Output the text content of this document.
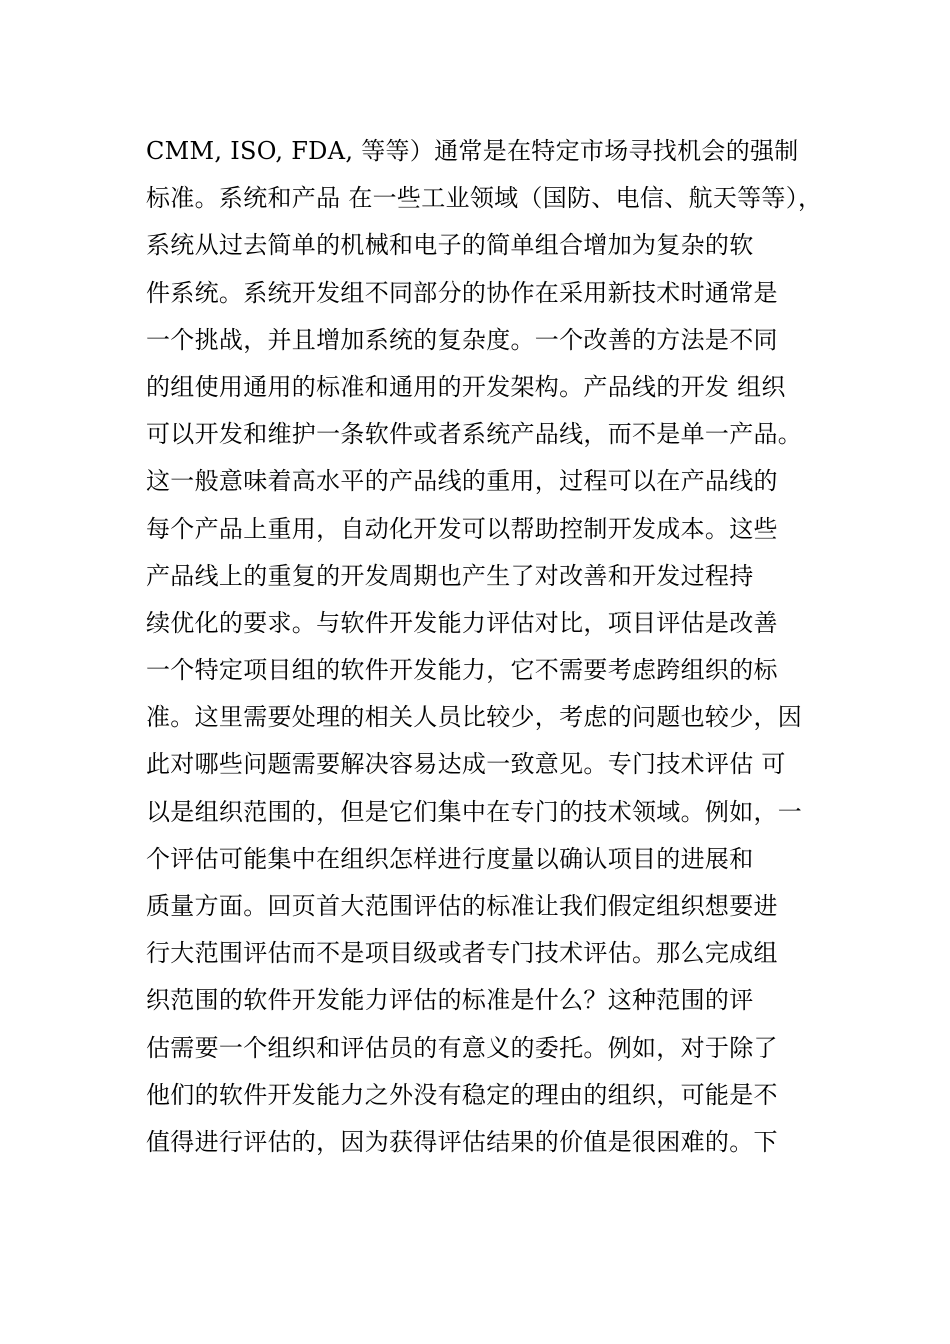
CMM, ISO, FDA, 等等）通常是在特定市场寻找机会的强制
标准。系统和产品 在一些工业领域（国防、电信、航天等等），
系统从过去简单的机械和电子的简单组合增加为复杂的软
件系统。系统开发组不同部分的协作在采用新技术时通常是
一个挑战，并且增加系统的复杂度。一个改善的方法是不同
的组使用通用的标准和通用的开发架构。产品线的开发 组织
可以开发和维护一条软件或者系统产品线，而不是单一产品。
这一般意味着高水平的产品线的重用，过程可以在产品线的
每个产品上重用，自动化开发可以帮助控制开发成本。这些
产品线上的重复的开发周期也产生了对改善和开发过程持
续优化的要求。与软件开发能力评估对比，项目评估是改善
一个特定项目组的软件开发能力，它不需要考虑跨组织的标
准。这里需要处理的相关人员比较少，考虑的问题也较少，因
此对哪些问题需要解决容易达成一致意见。专门技术评估 可
以是组织范围的，但是它们集中在专门的技术领域。例如，一
个评估可能集中在组织怎样进行度量以确认项目的进展和
质量方面。回页首大范围评估的标准让我们假定组织想要进
行大范围评估而不是项目级或者专门技术评估。那么完成组
织范围的软件开发能力评估的标准是什么？这种范围的评
估需要一个组织和评估员的有意义的委托。例如，对于除了
他们的软件开发能力之外没有稳定的理由的组织，可能是不
值得进行评估的，因为获得评估结果的价值是很困难的。下
